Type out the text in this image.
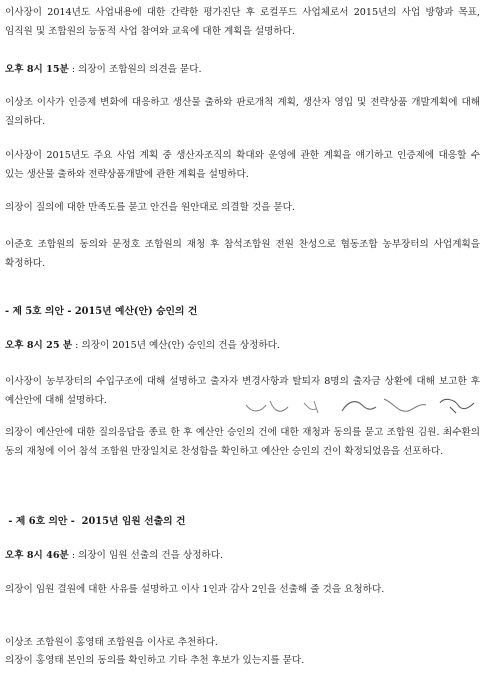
이사장이 2014년도 사업내용에 대한 간략한 평가진단 후 로컬푸드 사업체로서 2015년의 사업 방향과 목표, 임직원 및 조합원의 능동적 사업 참여와 교육에 대한 계획을 설명하다.

오후 8시 15분 : 의장이 조합원의 의견을 묻다.

이상조 이사가 인증제 변화에 대응하고 생산물 출하와 판로개척 계획, 생산자 영입 및 전략상품 개발계획에 대해 질의하다.

이사장이 2015년도 주요 사업 계획 중 생산자조직의 확대와 운영에 관한 계획을 얘기하고 인증제에 대응할 수 있는 생산물 출하와 전략상품개발에 관한 계획을 설명하다.

의장이 질의에 대한 만족도를 묻고 안건을 원안대로 의결할 것을 묻다.

이준호 조합원의 동의와 문정호 조합원의 재청 후 참석조합원 전원 찬성으로 협동조합 농부장터의 사업계획을 확정하다.

- 제 5호 의안 - 2015년 예산(안) 승인의 건

오후 8시 25 분 : 의장이 2015년 예산(안) 승인의 건을 상정하다.

이사장이 농부장터의 수입구조에 대해 설명하고 출자자 변경사항과 탈퇴자 8명의 출자금 상환에 대해 보고한 후 예산안에 대해 설명하다.

의장이 예산안에 대한 질의응답을 종료 한 후 예산안 승인의 건에 대한 재청과 동의를 묻고 조합원 김원. 최수환의 동의 재청에 이어 참석 조합원 만장일치로 찬성함을 확인하고 예산안 승인의 건이 확정되었음을 선포하다.

- 제 6호 의안 -  2015년 임원 선출의 건

오후 8시 46분 : 의장이 임원 선출의 건을 상정하다.

의장이 임원 결원에 대한 사유를 설명하고 이사 1인과 감사 2인을 선출해 줄 것을 요청하다.

이상조 조합원이 홍영태 조합원을 이사로 추천하다.

의장이 홍영태 본인의 동의를 확인하고 기타 추천 후보가 있는지를 묻다.
